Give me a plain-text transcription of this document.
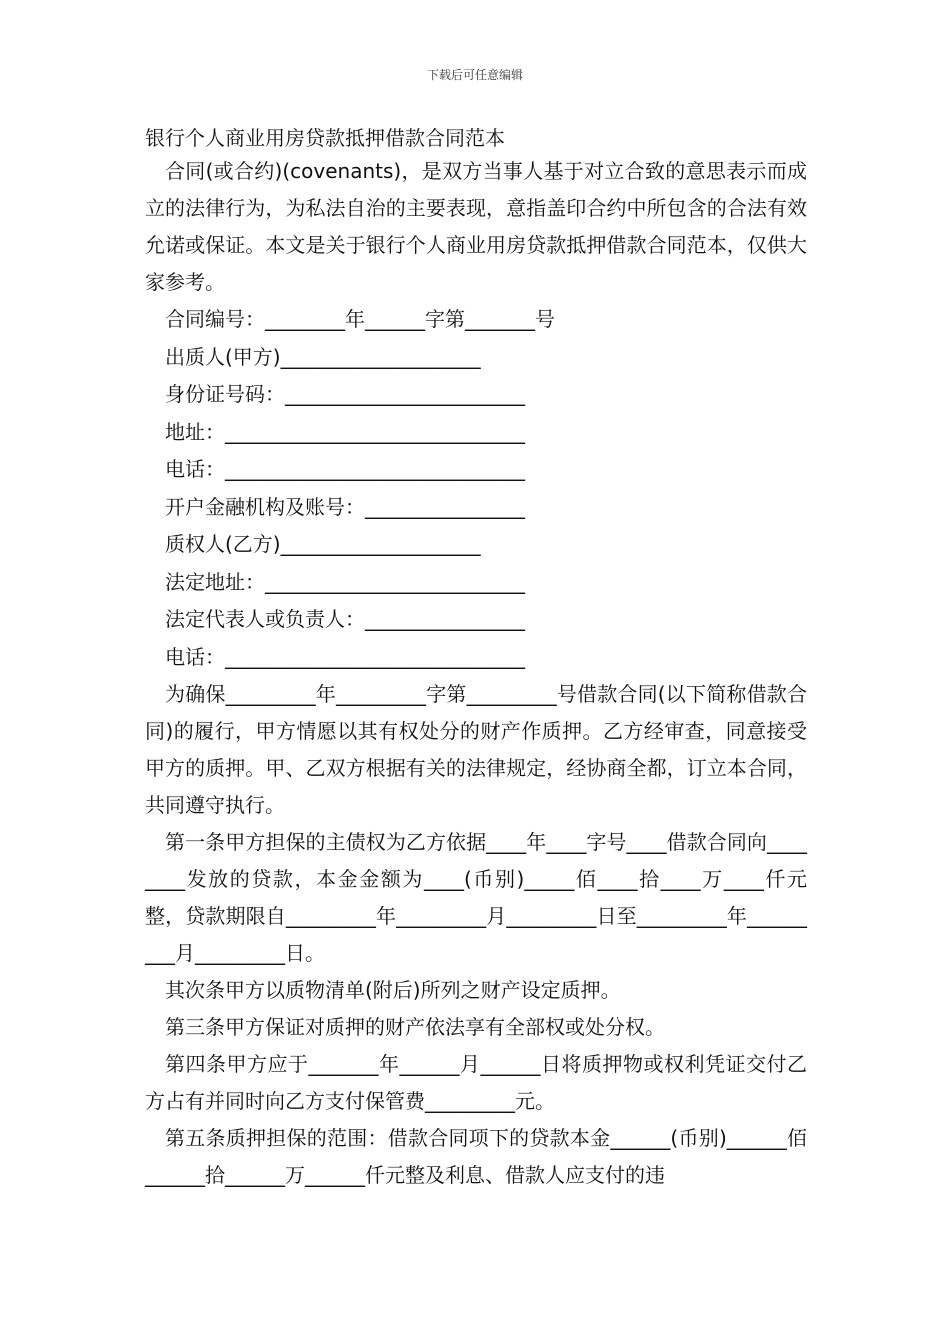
下载后可任意编辑
银行个人商业用房贷款抵押借款合同范本

合同(或合约)(covenants)，是双方当事人基于对立合致的意思表示而成立的法律行为，为私法自治的主要表现，意指盖印合约中所包含的合法有效允诺或保证。本文是关于银行个人商业用房贷款抵押借款合同范本，仅供大家参考。

合同编号：________年______字第_______号

出质人(甲方)____________________

身份证号码：________________________

地址：______________________________

电话：______________________________

开户金融机构及账号：________________

质权人(乙方)____________________

法定地址：__________________________

法定代表人或负责人：________________

电话：______________________________

为确保_________年_________字第_________号借款合同(以下简称借款合同)的履行，甲方情愿以其有权处分的财产作质押。乙方经审查，同意接受甲方的质押。甲、乙双方根据有关的法律规定，经协商全都，订立本合同，共同遵守执行。

第一条甲方担保的主债权为乙方依据____年____字号____借款合同向________发放的贷款，本金金额为____(币别)_____佰____拾____万____仟元整，贷款期限自_________年_________月_________日至_________年_________月_________日。

其次条甲方以质物清单(附后)所列之财产设定质押。

第三条甲方保证对质押的财产依法享有全部权或处分权。

第四条甲方应于_______年______月______日将质押物或权利凭证交付乙方占有并同时向乙方支付保管费_________元。

第五条质押担保的范围：借款合同项下的贷款本金______(币别)______佰______拾______万______仟元整及利息、借款人应支付的违
